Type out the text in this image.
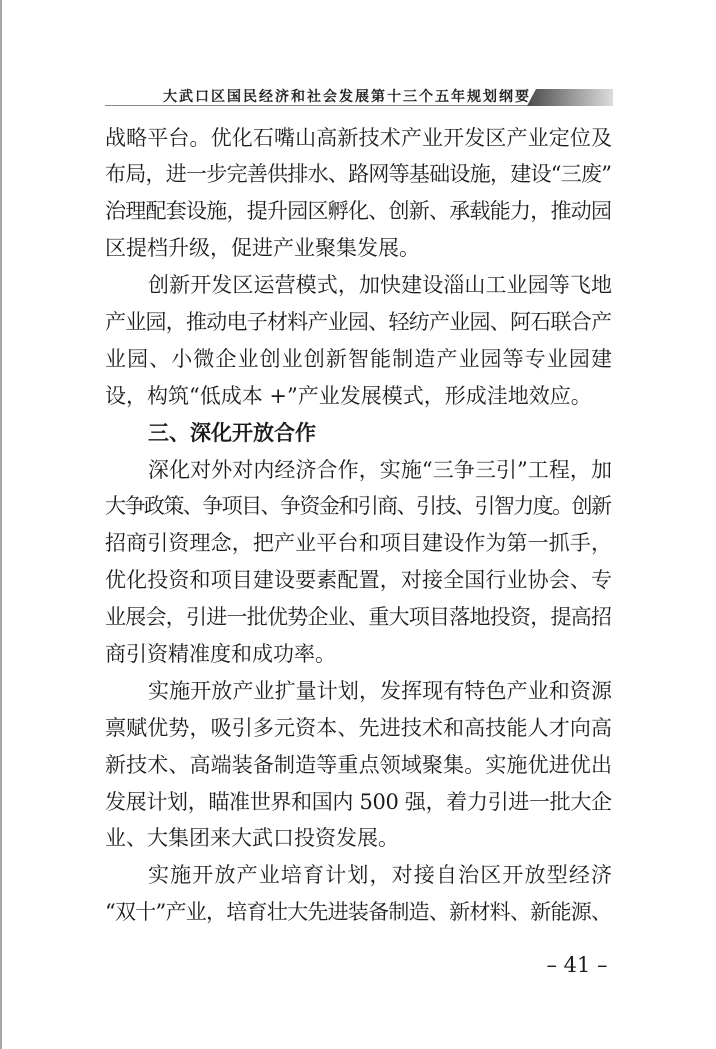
大武口区国民经济和社会发展第十三个五年规划纲要
战略平台。优化石嘴山高新技术产业开发区产业定位及
布局，进一步完善供排水、路网等基础设施，建设“三废”
治理配套设施，提升园区孵化、创新、承载能力，推动园
区提档升级，促进产业聚集发展。
创新开发区运营模式，加快建设淄山工业园等飞地
产业园，推动电子材料产业园、轻纺产业园、阿石联合产
业园、小微企业创业创新智能制造产业园等专业园建
设，构筑“低成本 +”产业发展模式，形成洼地效应。
三、深化开放合作
深化对外对内经济合作，实施“三争三引”工程，加
大争政策、争项目、争资金和引商、引技、引智力度。创新
招商引资理念，把产业平台和项目建设作为第一抓手，
优化投资和项目建设要素配置，对接全国行业协会、专
业展会，引进一批优势企业、重大项目落地投资，提高招
商引资精准度和成功率。
实施开放产业扩量计划，发挥现有特色产业和资源
禀赋优势，吸引多元资本、先进技术和高技能人才向高
新技术、高端装备制造等重点领域聚集。实施优进优出
发展计划，瞄准世界和国内 500 强，着力引进一批大企
业、大集团来大武口投资发展。
实施开放产业培育计划，对接自治区开放型经济
“双十”产业，培育壮大先进装备制造、新材料、新能源、
– 41 –
